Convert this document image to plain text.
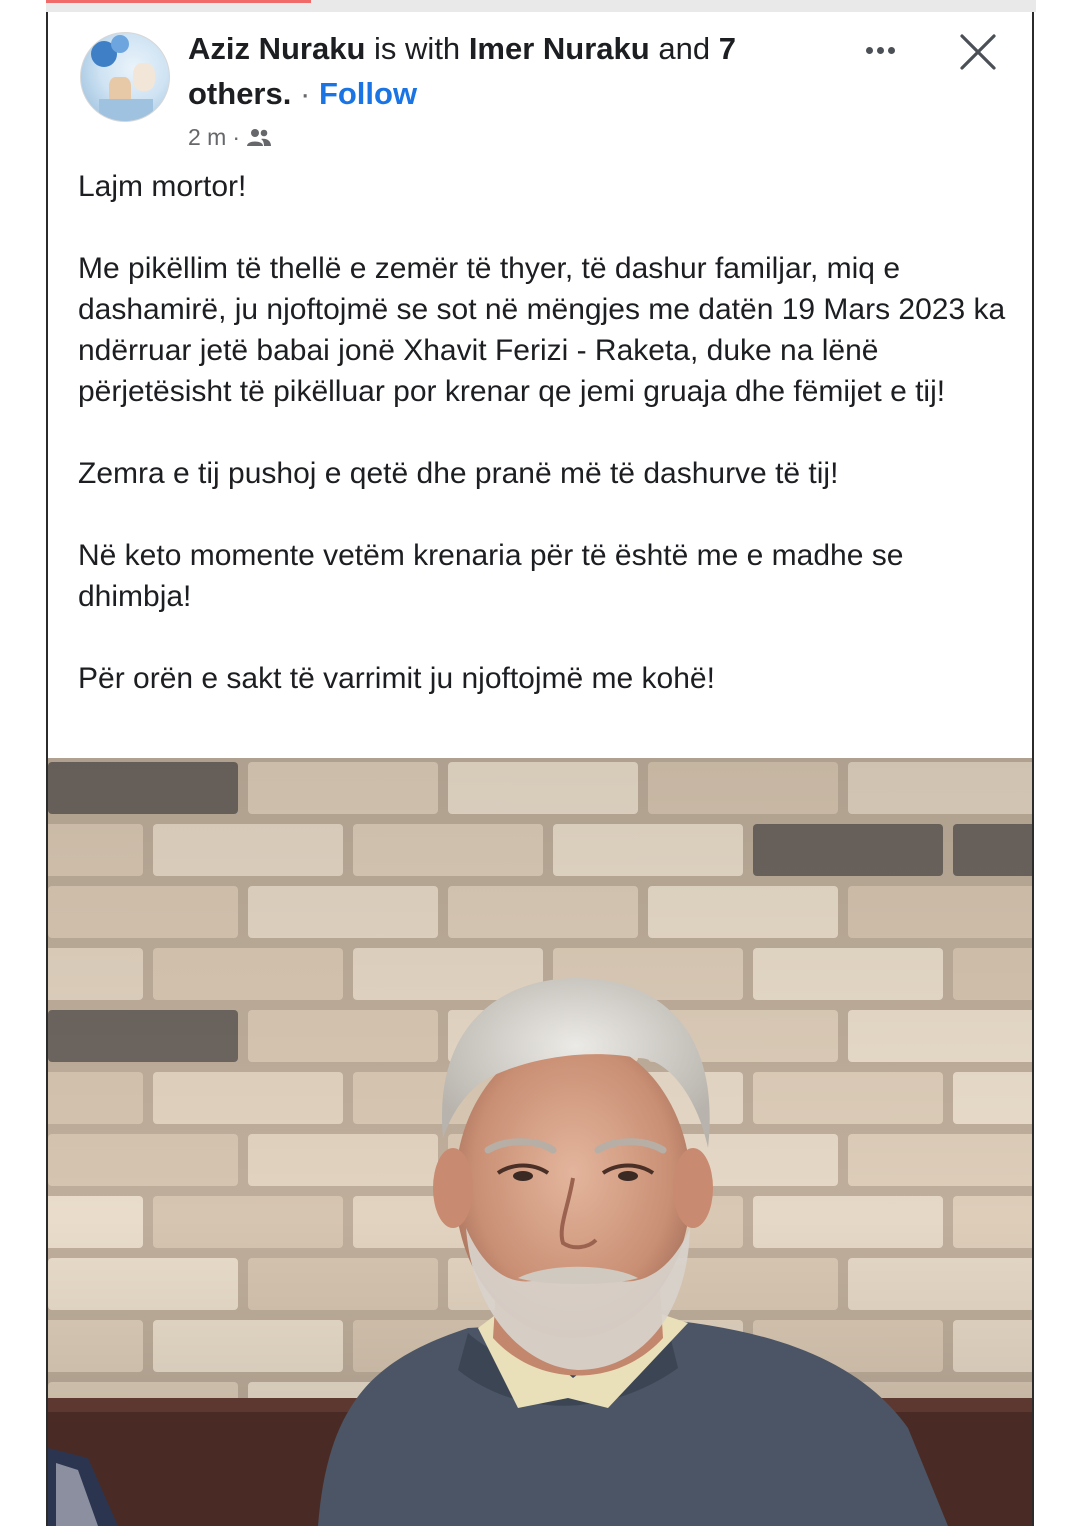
Aziz Nuraku is with Imer Nuraku and 7 others. · Follow
2 m ·

Lajm mortor!

Me pikëllim të thellë e zemër të thyer, të dashur familjar, miq e dashamirë, ju njoftojmë se sot në mëngjes me datën 19 Mars 2023 ka ndërruar jetë babai jonë Xhavit Ferizi - Raketa, duke na lënë përjetësisht të pikëlluar por krenar qe jemi gruaja dhe fëmijet e tij!

Zemra e tij pushoj e qetë dhe pranë më të dashurve të tij!

Në keto momente vetëm krenaria për të është me e madhe se dhimbja!

Për orën e sakt të varrimit ju njoftojmë me kohë!
